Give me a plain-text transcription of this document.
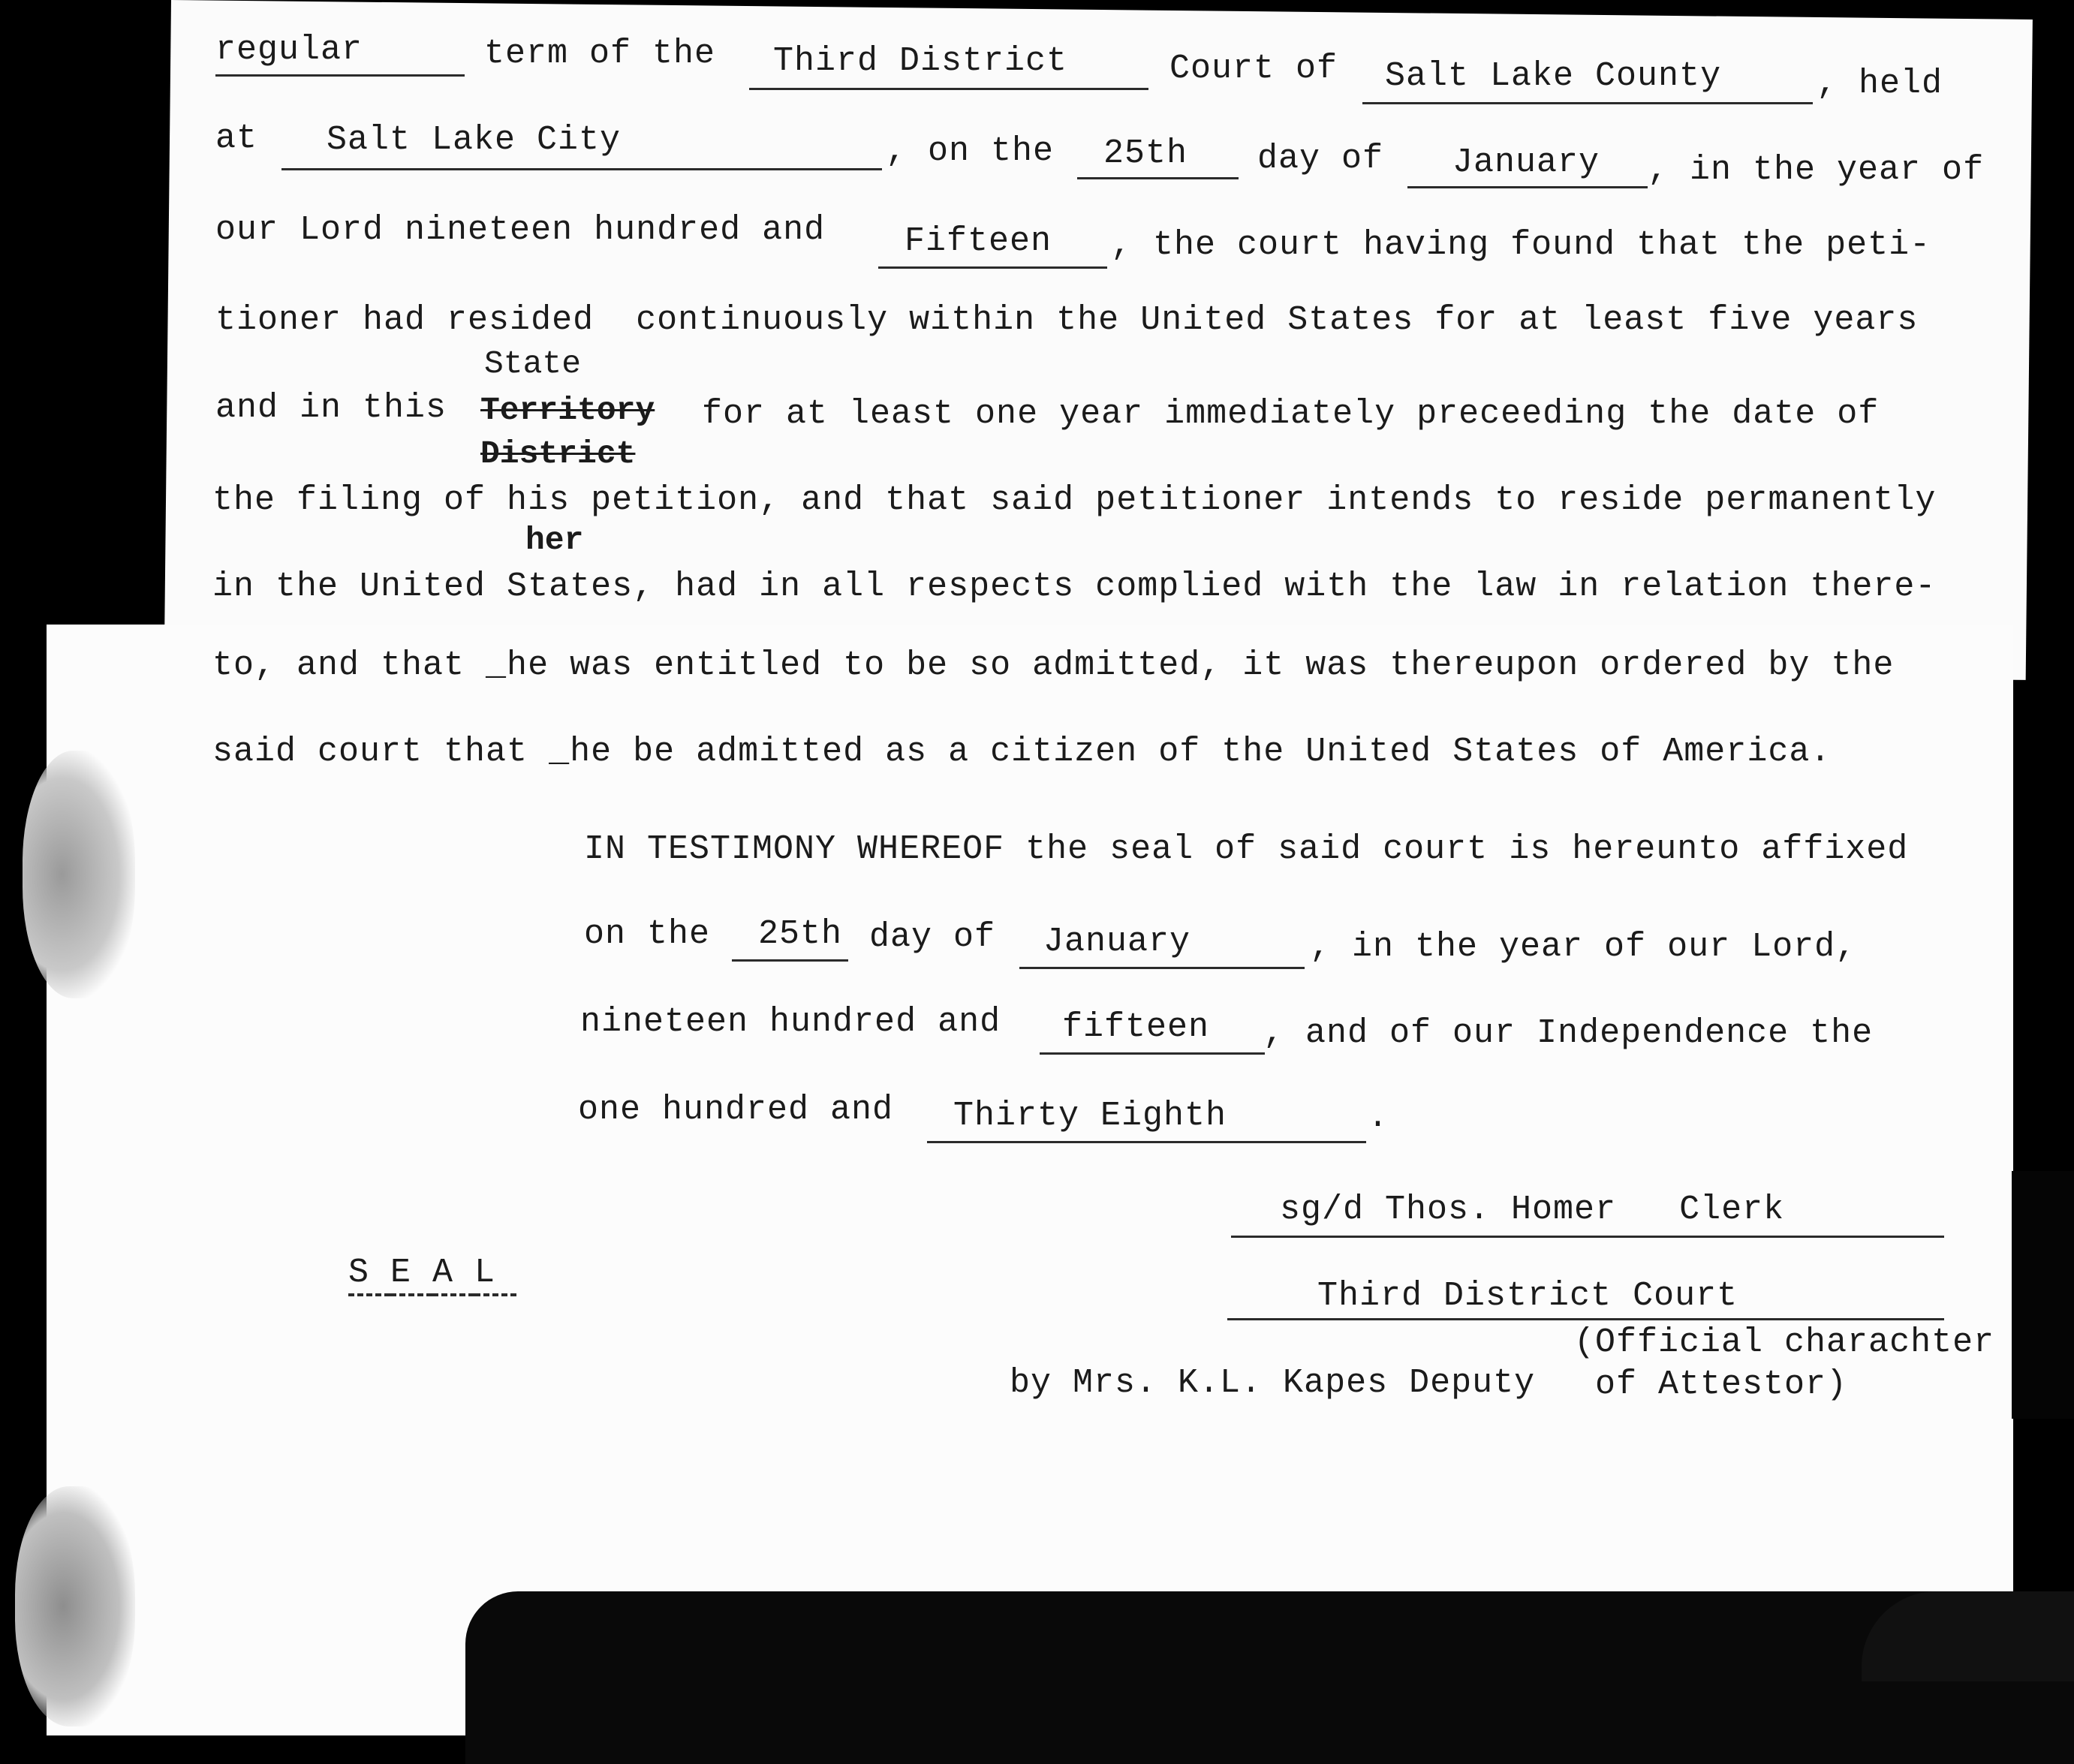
regular	term of the Third District	Court of Salt Lake County	, held
at Salt Lake City	, on the 25th day of January , in the year of
our Lord nineteen hundred and Fifteen , the court having found that the peti-
tioner had resided  continuously within the United States for at least five years
State
and in this Territory for at least one year immediately preceeding the date of
District
the filing of his petition, and that said petitioner intends to reside permanently
her
in the United States, had in all respects complied with the law in relation there-
to, and that _he was entitled to be so admitted, it was thereupon ordered by the
said court that _he be admitted as a citizen of the United States of America.
IN TESTIMONY WHEREOF the seal of said court is hereunto affixed
on the 25th day of January	, in the year of our Lord,
nineteen hundred and fifteen , and of our Independence the
one hundred and Thirty Eighth	.
sg/d Thos. Homer   Clerk
Third District Court
(Official charachter
by Mrs. K.L. Kapes Deputy of Attestor)

S E A L
